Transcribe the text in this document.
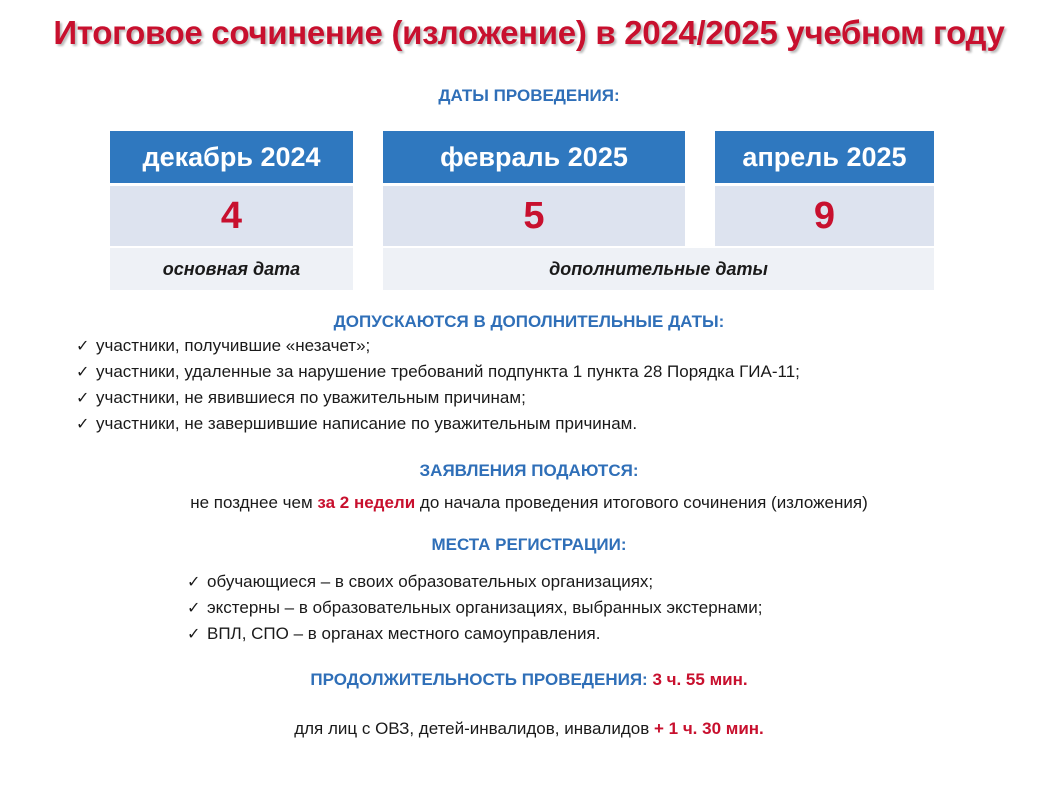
Итоговое сочинение (изложение) в 2024/2025 учебном году
ДАТЫ ПРОВЕДЕНИЯ:
декабрь 2024
4
основная дата
февраль 2025
5
апрель 2025
9
дополнительные даты
ДОПУСКАЮТСЯ В ДОПОЛНИТЕЛЬНЫЕ ДАТЫ:
✓ участники, получившие «незачет»;
✓ участники, удаленные за нарушение требований подпункта 1 пункта 28 Порядка ГИА-11;
✓ участники, не явившиеся по уважительным причинам;
✓ участники, не завершившие написание по уважительным причинам.
ЗАЯВЛЕНИЯ ПОДАЮТСЯ:
не позднее чем за 2 недели до начала проведения итогового сочинения (изложения)
МЕСТА РЕГИСТРАЦИИ:
✓ обучающиеся – в своих образовательных организациях;
✓ экстерны – в образовательных организациях, выбранных экстернами;
✓ ВПЛ, СПО – в органах местного самоуправления.
ПРОДОЛЖИТЕЛЬНОСТЬ ПРОВЕДЕНИЯ: 3 ч. 55 мин.
для лиц с ОВЗ, детей-инвалидов, инвалидов + 1 ч. 30 мин.
